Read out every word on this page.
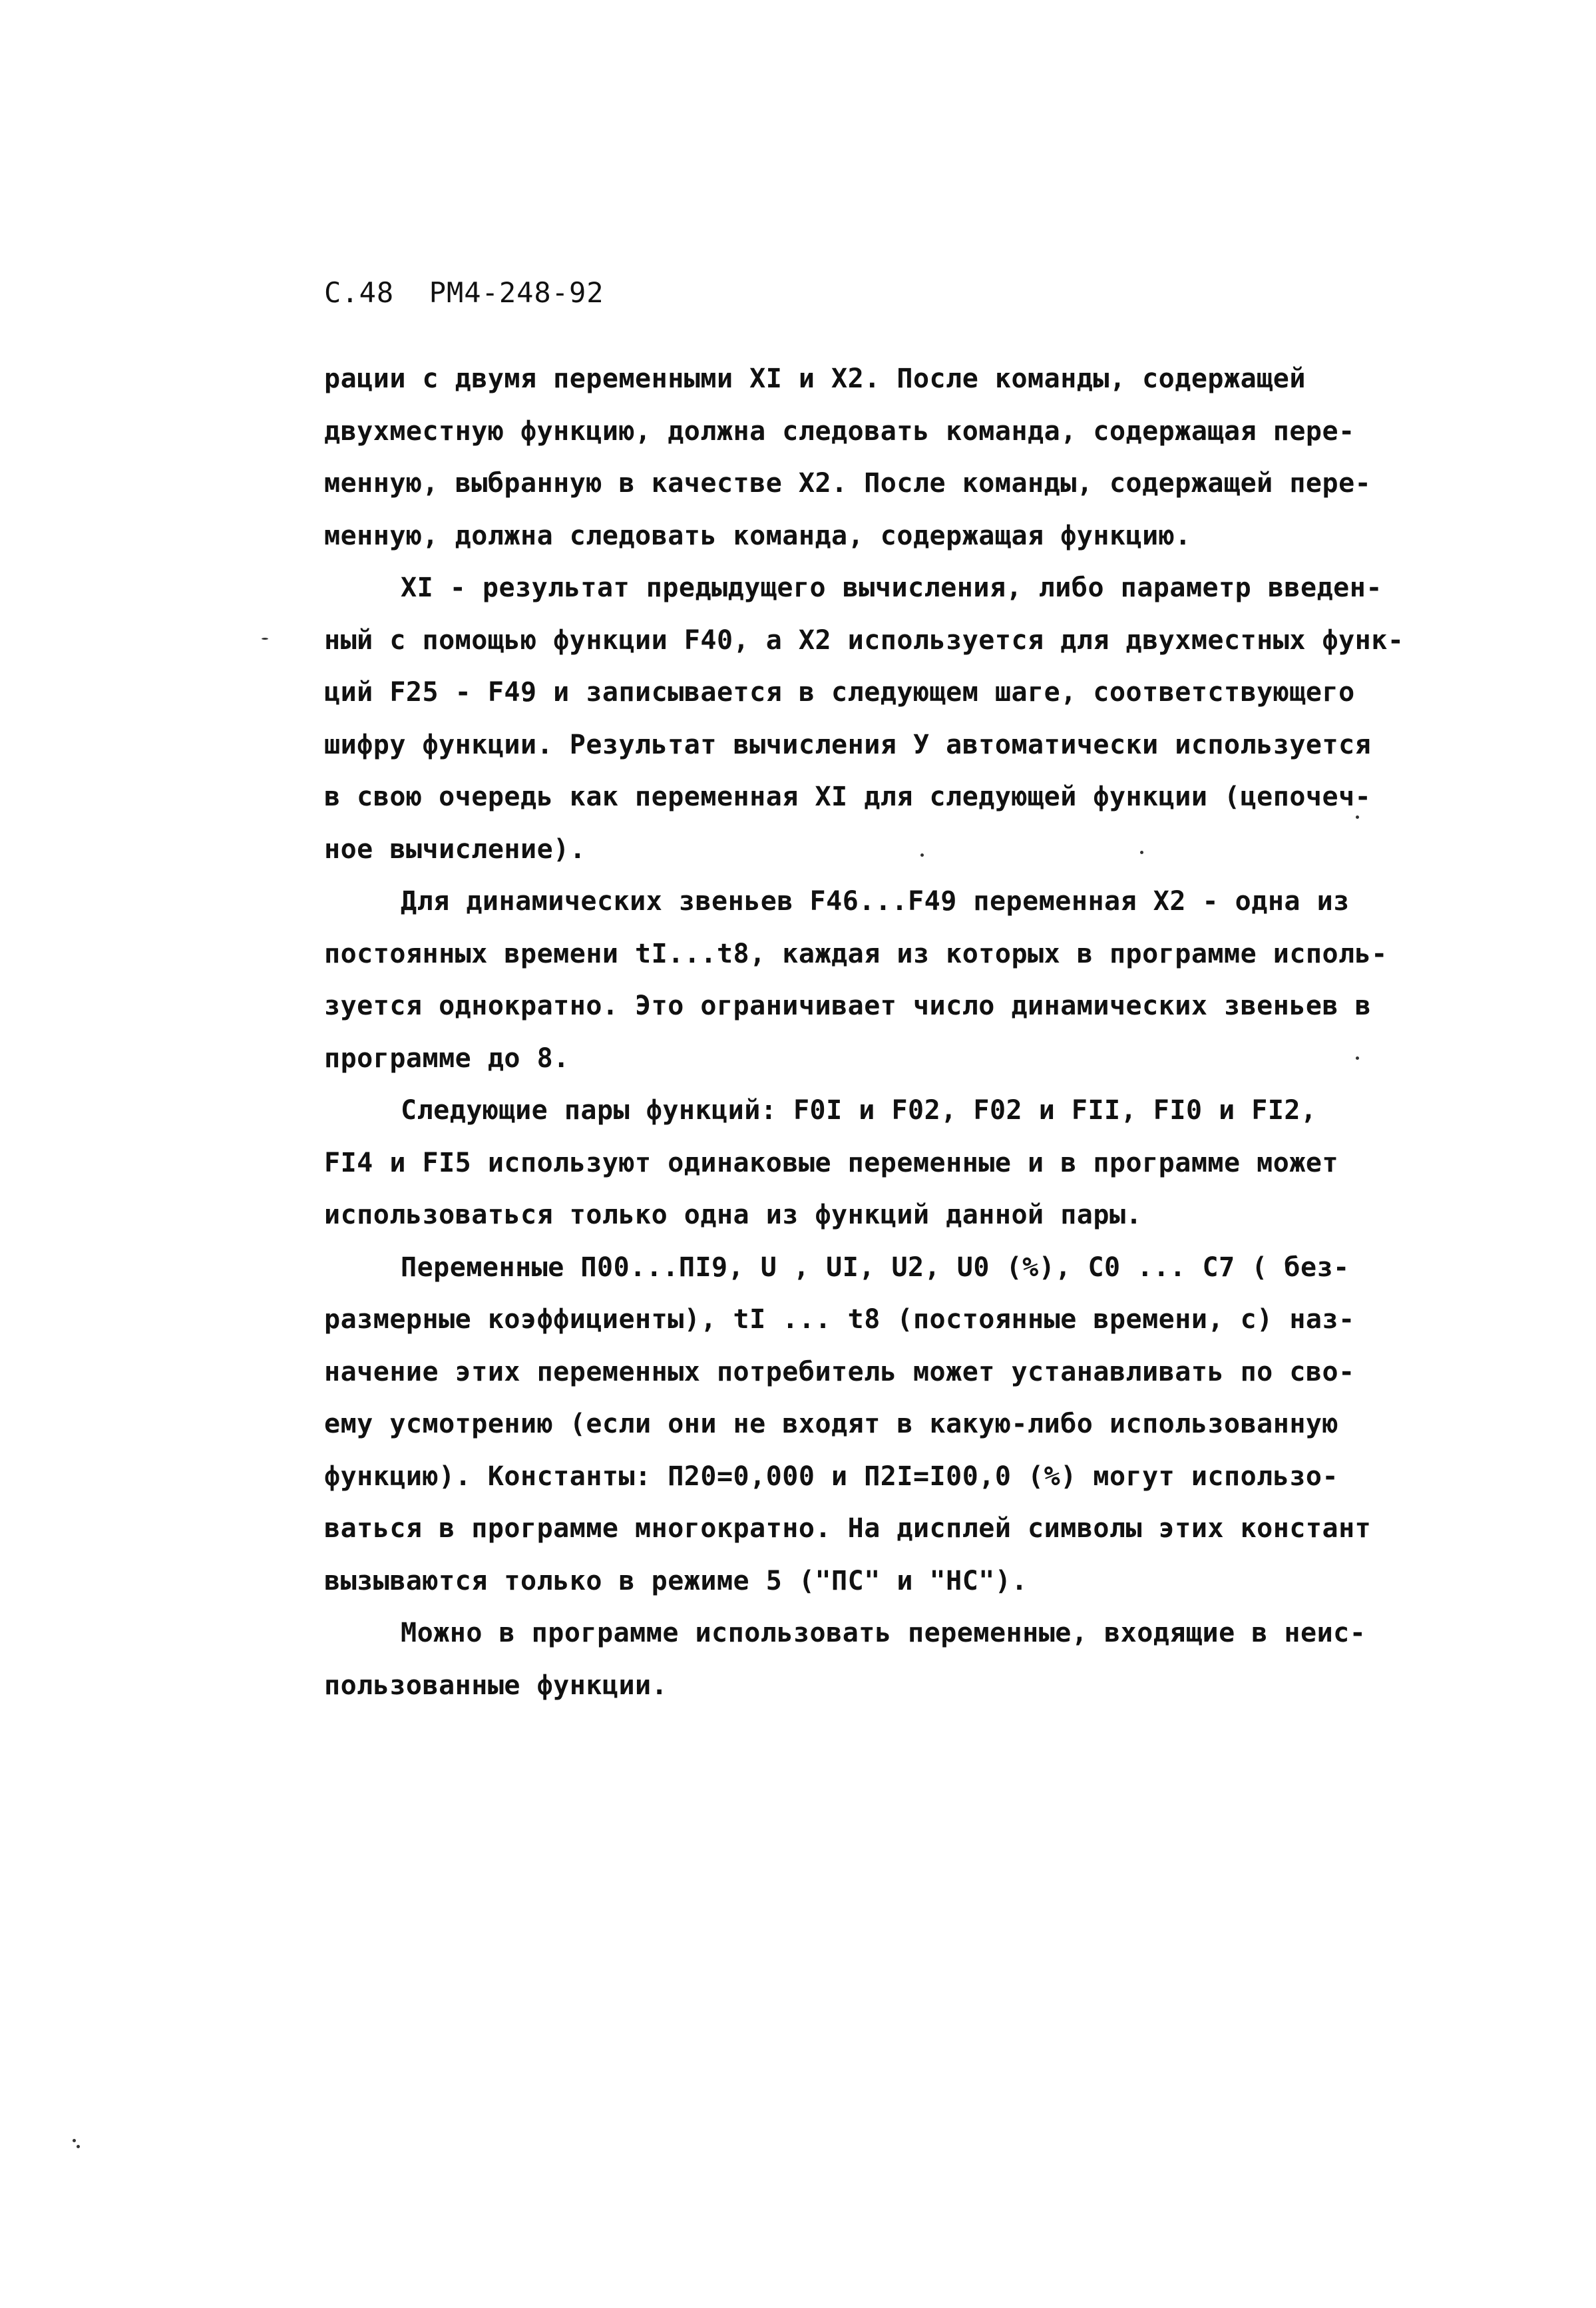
С.48  РМ4-248-92
рации с двумя переменными XI и X2. После команды, содержащей
двухместную функцию, должна следовать команда, содержащая пере-
менную, выбранную в качестве X2. После команды, содержащей пере-
менную, должна следовать команда, содержащая функцию.
XI - результат предыдущего вычисления, либо параметр введен-
ный с помощью функции F40, а X2 используется для двухместных функ-
ций F25 - F49 и записывается в следующем шаге, соответствующего
шифру функции. Результат вычисления У автоматически используется
в свою очередь как переменная XI для следующей функции (цепочеч-
ное вычисление).
Для динамических звеньев F46...F49 переменная X2 - одна из
постоянных времени tI...t8, каждая из которых в программе исполь-
зуется однократно. Это ограничивает число динамических звеньев в
программе до 8.
Следующие пары функций: F0I и F02, F02 и FII, FI0 и FI2,
FI4 и FI5 используют одинаковые переменные и в программе может
использоваться только одна из функций данной пары.
Переменные П00...ПI9, U , UI, U2, U0 (%), C0 ... C7 ( без-
размерные коэффициенты), tI ... t8 (постоянные времени, с) наз-
начение этих переменных потребитель может устанавливать по сво-
ему усмотрению (если они не входят в какую-либо использованную
функцию). Константы: П20=0,000 и П2I=I00,0 (%) могут использо-
ваться в программе многократно. На дисплей символы этих констант
вызываются только в режиме 5 ("ПС" и "НС").
Можно в программе использовать переменные, входящие в неис-
пользованные функции.
